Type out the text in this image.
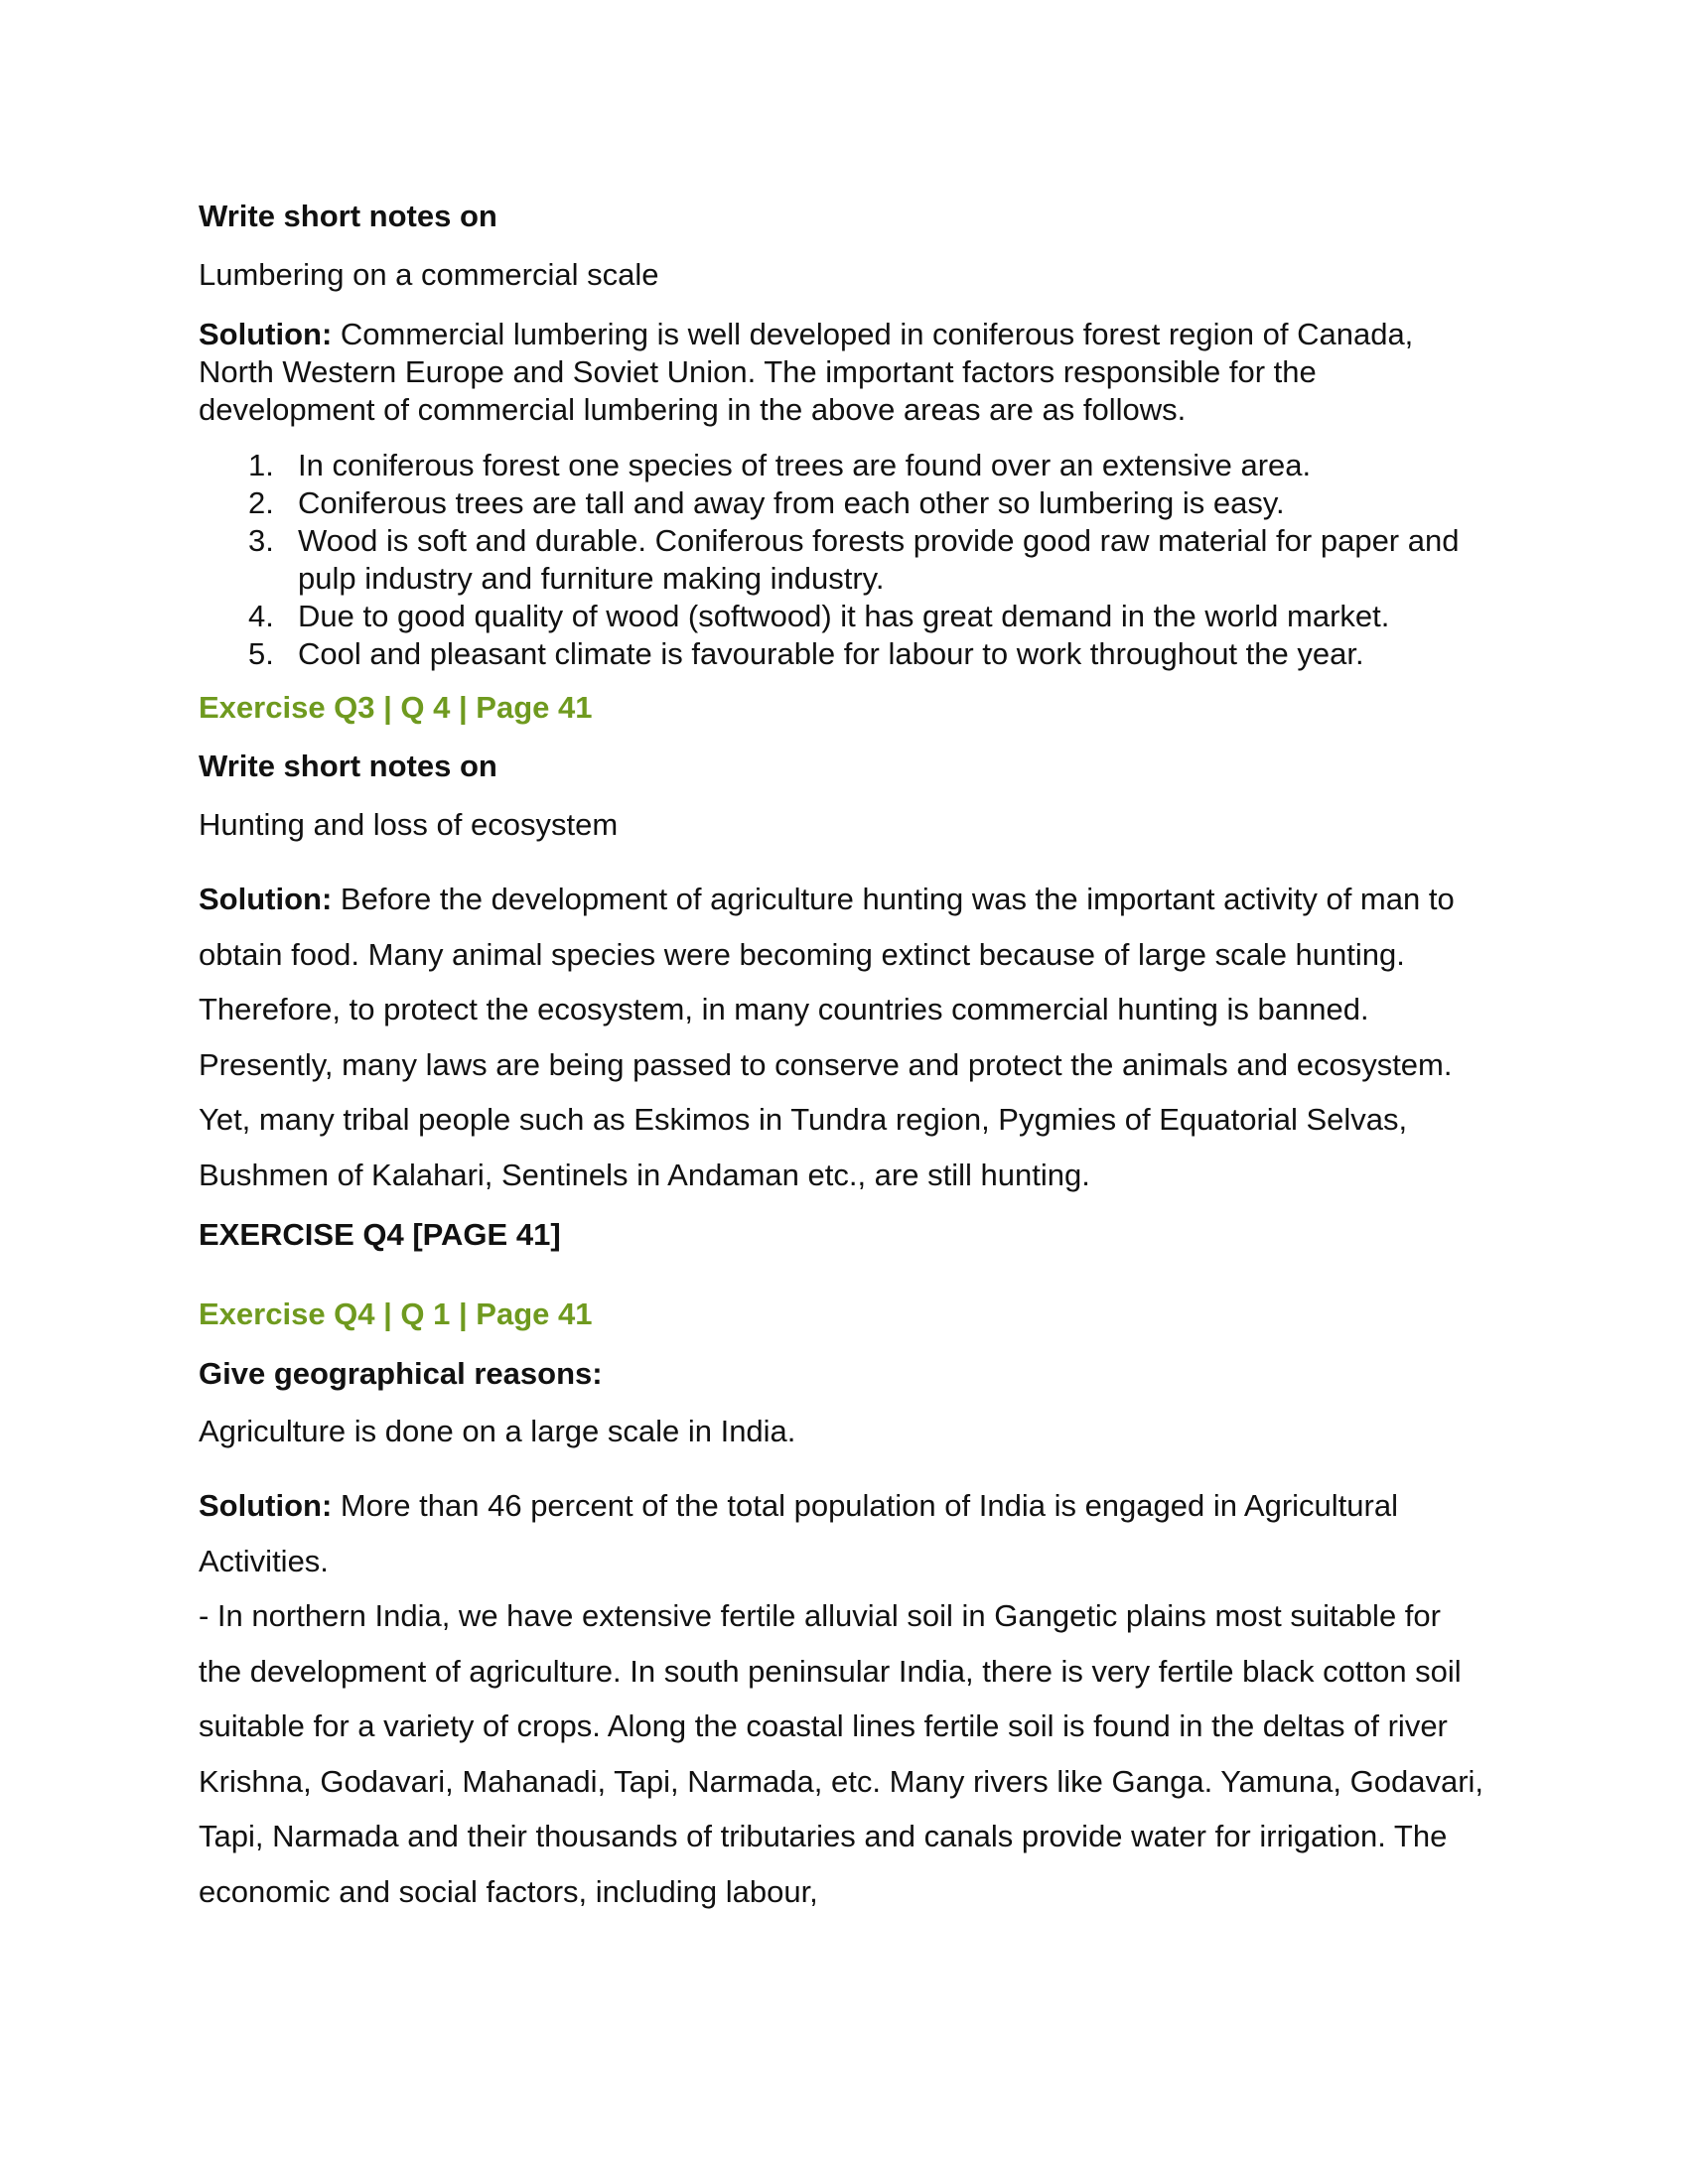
Write short notes on

Lumbering on a commercial scale

Solution: Commercial lumbering is well developed in coniferous forest region of Canada, North Western Europe and Soviet Union. The important factors responsible for the development of commercial lumbering in the above areas are as follows.

1. In coniferous forest one species of trees are found over an extensive area.
2. Coniferous trees are tall and away from each other so lumbering is easy.
3. Wood is soft and durable. Coniferous forests provide good raw material for paper and pulp industry and furniture making industry.
4. Due to good quality of wood (softwood) it has great demand in the world market.
5. Cool and pleasant climate is favourable for labour to work throughout the year.

Exercise Q3 | Q 4 | Page 41

Write short notes on

Hunting and loss of ecosystem

Solution: Before the development of agriculture hunting was the important activity of man to obtain food. Many animal species were becoming extinct because of large scale hunting. Therefore, to protect the ecosystem, in many countries commercial hunting is banned. Presently, many laws are being passed to conserve and protect the animals and ecosystem. Yet, many tribal people such as Eskimos in Tundra region, Pygmies of Equatorial Selvas, Bushmen of Kalahari, Sentinels in Andaman etc., are still hunting.

EXERCISE Q4 [PAGE 41]

Exercise Q4 | Q 1 | Page 41

Give geographical reasons:

Agriculture is done on a large scale in India.

Solution: More than 46 percent of the total population of India is engaged in Agricultural Activities.

- In northern India, we have extensive fertile alluvial soil in Gangetic plains most suitable for the development of agriculture. In south peninsular India, there is very fertile black cotton soil suitable for a variety of crops. Along the coastal lines fertile soil is found in the deltas of river Krishna, Godavari, Mahanadi, Tapi, Narmada, etc. Many rivers like Ganga. Yamuna, Godavari, Tapi, Narmada and their thousands of tributaries and canals provide water for irrigation. The economic and social factors, including labour,
